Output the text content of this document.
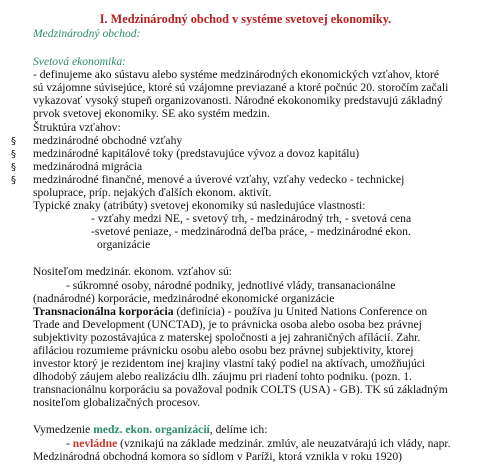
I. Medzinárodný obchod v systéme svetovej ekonomiky.
Medzinárodný obchod:
Svetová ekonomika:
- definujeme ako sústavu alebo systéme medzinárodných ekonomických vzťahov, ktoré
sú vzájomne súvisejúce, ktoré sú vzájomne previazané a ktoré počnúc 20. storočím začali
vykazovať vysoký stupeň organizovanosti. Národné ekokonomiky predstavujú základný
prvok svetovej ekonomiky. SE ako systém medzin.
Štruktúra vzťahov:
§ medzinárodné obchodné vzťahy
§ medzinárodné kapitálové toky (predstavujúce vývoz a dovoz kapitálu)
§ medzinárodná migrácia
§ medzinárodné finančné, menové a úverové vzťahy, vzťahy vedecko - technickej
spoluprace, príp. nejakých ďalších ekonom. aktivít.
Typické znaky (atribúty) svetovej ekonomiky sú nasledujúce vlastnosti:
- vzťahy medzi NE, - svetový trh, - medzinárodný trh, - svetová cena
-svetové peniaze, - medzinárodná deľba práce, - medzinárodné ekon.
organizácie
Nositeľom medzinár. ekonom. vzťahov sú:
- súkromné osoby, národné podniky, jednotlivé vlády, transanacionálne
(nadnárodné) korporácie, medzinárodné ekonomické organizácie
Transnacionálna korporácia (definícia) - používa ju United Nations Conference on
Trade and Development (UNCTAD), je to právnicka osoba alebo osoba bez právnej
subjektivity pozostávajúca z materskej spoločnosti a jej zahraničných afílácií. Zahr.
afiláciou rozumieme právnicku osobu alebo osobu bez právnej subjektivity, ktorej
investor ktorý je rezidentom inej krajiny vlastní taký podiel na aktívach, umožňujúci
dlhodobý záujem alebo realizáciu dlh. záujmu pri riadení tohto podniku. (pozn. 1.
transnacionálnu korporáciu sa považoval podnik COLTS (USA) - GB). TK sú základným
nositeľom globalizačných procesov.
Vymedzenie medz. ekon. organizácií, delíme ich:
- nevládne (vznikajú na základe medzinár. zmlúv, ale neuzatvárajú ich vlády, napr.
Medzinárodná obchodná komora so sídlom v Paríži, ktorá vznikla v roku 1920)
